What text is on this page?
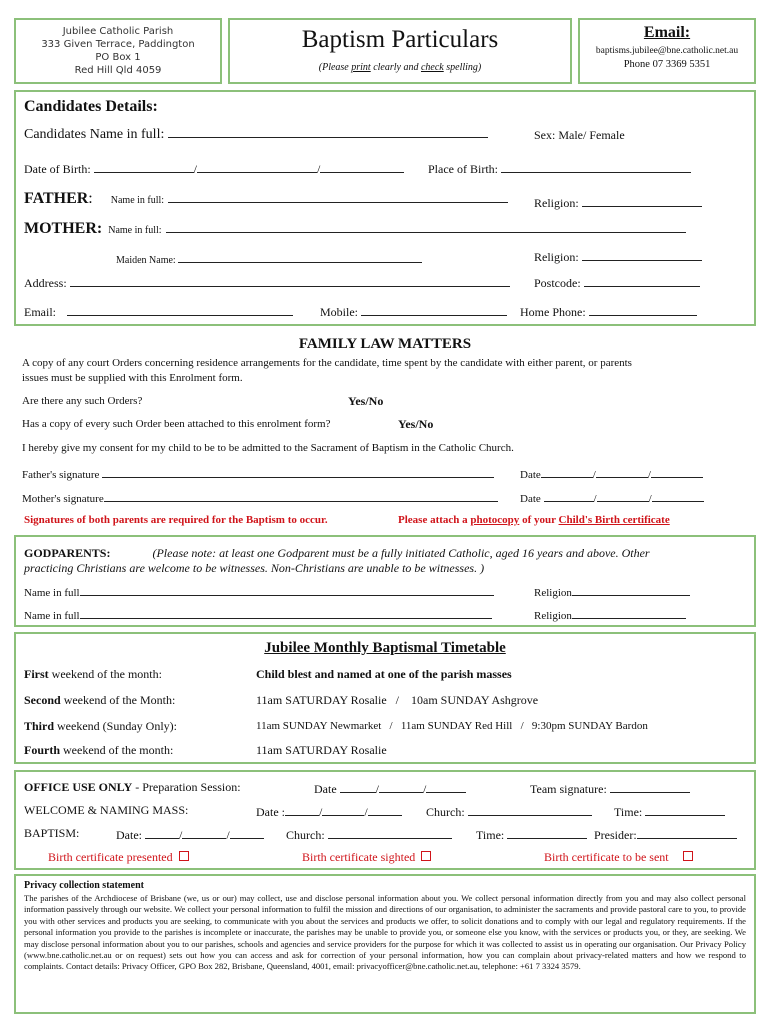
Jubilee Catholic Parish
333 Given Terrace, Paddington
PO Box 1
Red Hill Qld 4059
Baptism Particulars
(Please print clearly and check spelling)
Email:
baptisms.jubilee@bne.catholic.net.au
Phone 07 3369 5351
Candidates Details:
Candidates Name in full:	Sex: Male/ Female
Date of Birth:	/	/	Place of Birth:
FATHER: Name in full:	Religion:
MOTHER: Name in full:
Maiden Name:	Religion:
Address:	Postcode:
Email:	Mobile:	Home Phone:
FAMILY LAW MATTERS
A copy of any court Orders concerning residence arrangements for the candidate, time spent by the candidate with either parent, or parents
issues must be supplied with this Enrolment form.
Are there any such Orders?	Yes/No
Has a copy of every such Order been attached to this enrolment form?	Yes/No
I hereby give my consent for my child to be to be admitted to the Sacrament of Baptism in the Catholic Church.
Father's signature	Date	/	/
Mother's signature	Date	/	/
Signatures of both parents are required for the Baptism to occur.	Please attach a photocopy of your Child's Birth certificate
GODPARENTS:	(Please note: at least one Godparent must be a fully initiated Catholic, aged 16 years and above. Other
practicing Christians are welcome to be witnesses. Non-Christians are unable to be witnesses. )
Name in full	Religion
Name in full	Religion
Jubilee Monthly Baptismal Timetable
First weekend of the month:	Child blest and named at one of the parish masses
Second weekend of the Month:	11am SATURDAY Rosalie   /    10am SUNDAY Ashgrove
Third weekend (Sunday Only):	11am SUNDAY Newmarket   /   11am SUNDAY Red Hill   /   9:30pm SUNDAY Bardon
Fourth weekend of the month:	11am SATURDAY Rosalie
OFFICE USE ONLY - Preparation Session:	Date	/	/	Team signature:
WELCOME & NAMING MASS:	Date :	/	/	Church:	Time:
BAPTISM:	Date:	/	/	Church:	Time:	Presider:
Birth certificate presented	Birth certificate sighted	Birth certificate to be sent
Privacy collection statement
The parishes of the Archdiocese of Brisbane (we, us or our) may collect, use and disclose personal information about you. We collect personal information directly from you and may also collect personal information passively through our website. We collect your personal information to fulfil the mission and directions of our organisation, to administer the sacraments and provide pastoral care to you, to provide you with other services and products you are seeking, to communicate with you about the services and products we offer, to solicit donations and to comply with our legal and regulatory requirements. If the personal information you provide to the parishes is incomplete or inaccurate, the parishes may be unable to provide you, or someone else you know, with the services or products you, or they, are seeking. We may disclose personal information about you to our parishes, schools and agencies and service providers for the purpose for which it was collected to assist us in operating our organisation. Our Privacy Policy (www.bne.catholic.net.au or on request) sets out how you can access and ask for correction of your personal information, how you can complain about privacy-related matters and how we respond to complaints. Contact details: Privacy Officer, GPO Box 282, Brisbane, Queensland, 4001, email: privacyofficer@bne.catholic.net.au, telephone: +61 7 3324 3579.
